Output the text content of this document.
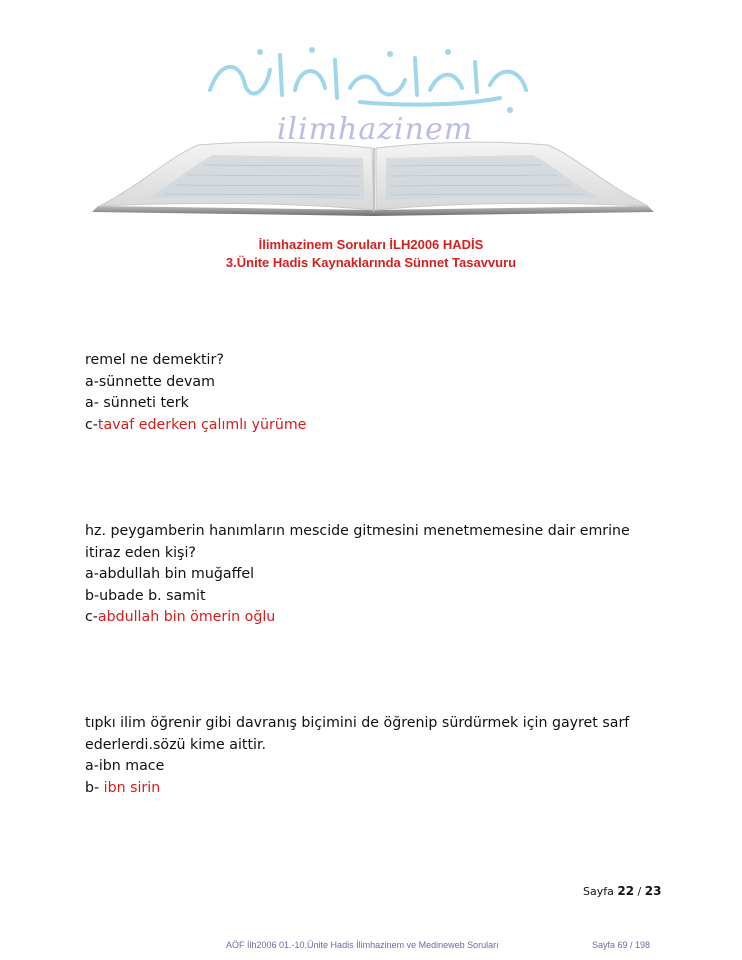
ilimhazinem
İlimhazinem Soruları İLH2006 HADİS
3.Ünite Hadis Kaynaklarında Sünnet Tasavvuru
remel ne demektir?
a-sünnette devam
a- sünneti terk
c-tavaf ederken çalımlı yürüme
hz. peygamberin hanımların mescide gitmesini menetmemesine dair emrine
itiraz eden kişi?
a-abdullah bin muğaffel
b-ubade b. samit
c-abdullah bin ömerin oğlu
tıpkı ilim öğrenir gibi davranış biçimini de öğrenip sürdürmek için gayret sarf
ederlerdi.sözü kime aittir.
a-ibn mace
b- ibn sirin
Sayfa 22 / 23
AÖF İlh2006 01.-10.Ünite Hadis İlimhazinem ve Medineweb Soruları	Sayfa 69 / 198
